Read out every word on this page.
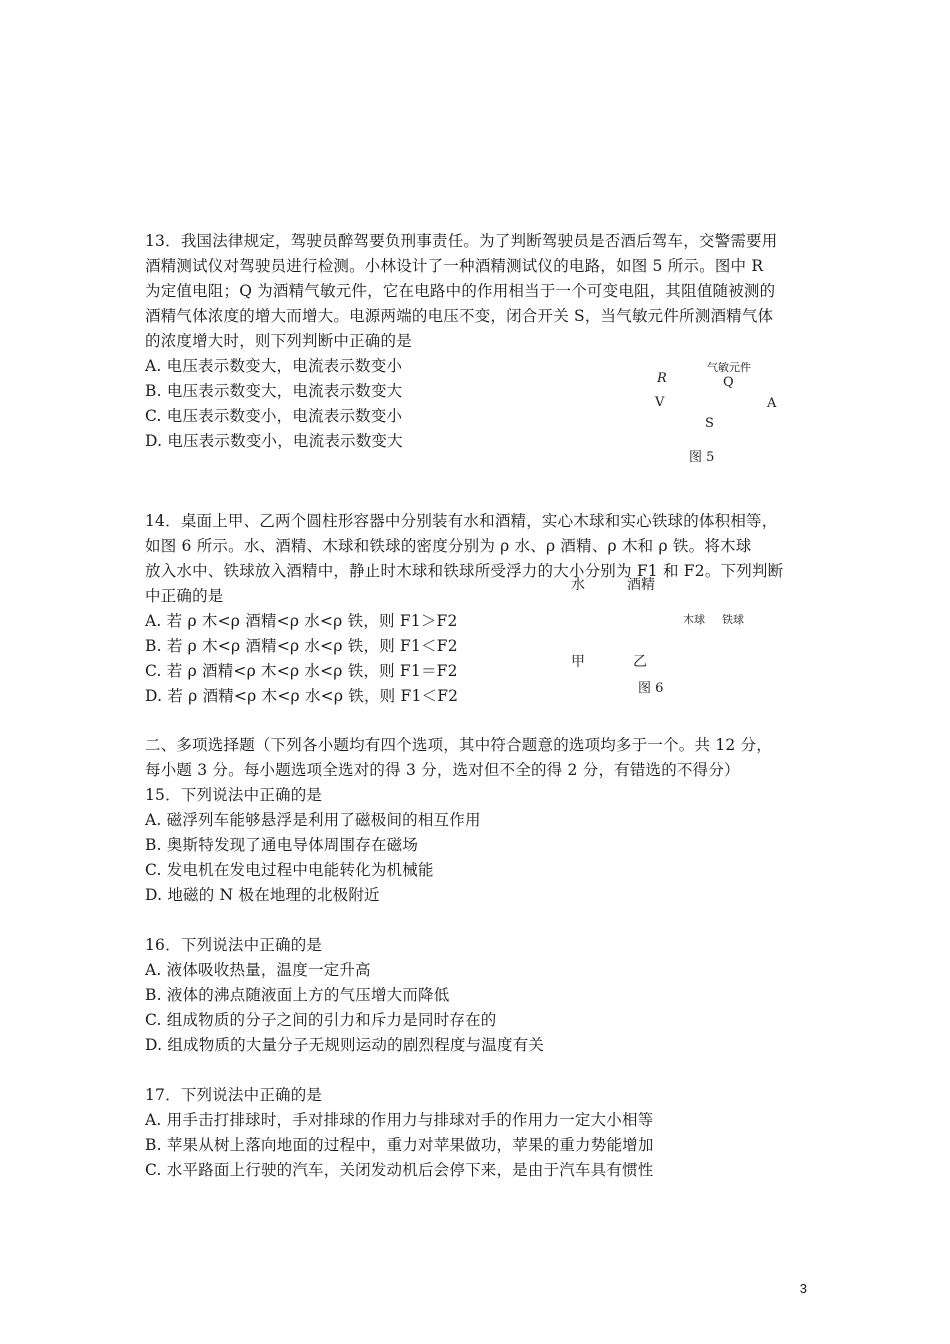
13．我国法律规定，驾驶员醉驾要负刑事责任。为了判断驾驶员是否酒后驾车，交警需要用
酒精测试仪对驾驶员进行检测。小林设计了一种酒精测试仪的电路，如图 5 所示。图中 R
为定值电阻；Q 为酒精气敏元件，它在电路中的作用相当于一个可变电阻，其阻值随被测的
酒精气体浓度的增大而增大。电源两端的电压不变，闭合开关 S，当气敏元件所测酒精气体
的浓度增大时，则下列判断中正确的是
A. 电压表示数变大，电流表示数变小
B. 电压表示数变大，电流表示数变大
C. 电压表示数变小，电流表示数变小
D. 电压表示数变小，电流表示数变大
气敏元件
R	Q
V	A
S
图 5
14．桌面上甲、乙两个圆柱形容器中分别装有水和酒精，实心木球和实心铁球的体积相等，
如图 6 所示。水、酒精、木球和铁球的密度分别为 ρ 水、ρ 酒精、ρ 木和 ρ 铁。将木球
放入水中、铁球放入酒精中，静止时木球和铁球所受浮力的大小分别为 F1 和 F2。下列判断
中正确的是
A. 若 ρ 木<ρ 酒精<ρ 水<ρ 铁，则 F1＞F2
B. 若 ρ 木<ρ 酒精<ρ 水<ρ 铁，则 F1＜F2
C. 若 ρ 酒精<ρ 木<ρ 水<ρ 铁，则 F1＝F2
D. 若 ρ 酒精<ρ 木<ρ 水<ρ 铁，则 F1＜F2
水	酒精
木球 铁球
甲	乙
图 6
二、多项选择题（下列各小题均有四个选项，其中符合题意的选项均多于一个。共 12 分，
每小题 3 分。每小题选项全选对的得 3 分，选对但不全的得 2 分，有错选的不得分）
15．下列说法中正确的是
A. 磁浮列车能够悬浮是利用了磁极间的相互作用
B. 奥斯特发现了通电导体周围存在磁场
C. 发电机在发电过程中电能转化为机械能
D. 地磁的 N 极在地理的北极附近
16．下列说法中正确的是
A. 液体吸收热量，温度一定升高
B. 液体的沸点随液面上方的气压增大而降低
C. 组成物质的分子之间的引力和斥力是同时存在的
D. 组成物质的大量分子无规则运动的剧烈程度与温度有关
17．下列说法中正确的是
A. 用手击打排球时，手对排球的作用力与排球对手的作用力一定大小相等
B. 苹果从树上落向地面的过程中，重力对苹果做功，苹果的重力势能增加
C. 水平路面上行驶的汽车，关闭发动机后会停下来，是由于汽车具有惯性
3
